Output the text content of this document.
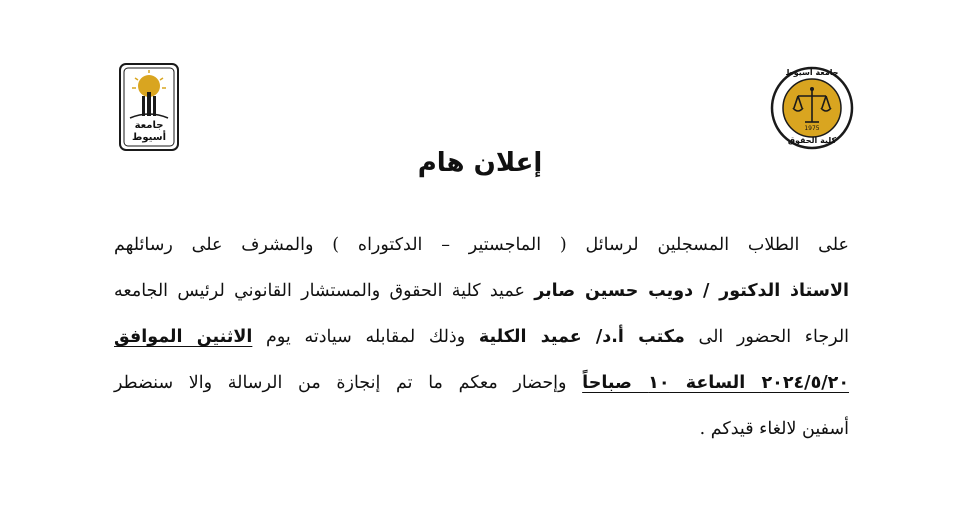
جامعة أسيوط
جامعة أسيوط
1975
كلية الحقوق
إعلان هام
على الطلاب المسجلين لرسائل ( الماجستير – الدكتوراه ) والمشرف على رسائلهم
الاستاذ الدكتور / دويب حسين صابر عميد كلية الحقوق والمستشار القانوني لرئيس الجامعه
الرجاء الحضور الى مكتب أ.د/ عميد الكلية وذلك لمقابله سيادته يوم الاثنين الموافق
٢٠٢٤/٥/٢٠ الساعة ١٠ صباحاً وإحضار معكم ما تم إنجازة من الرسالة والا سنضطر
أسفين لالغاء قيدكم .
